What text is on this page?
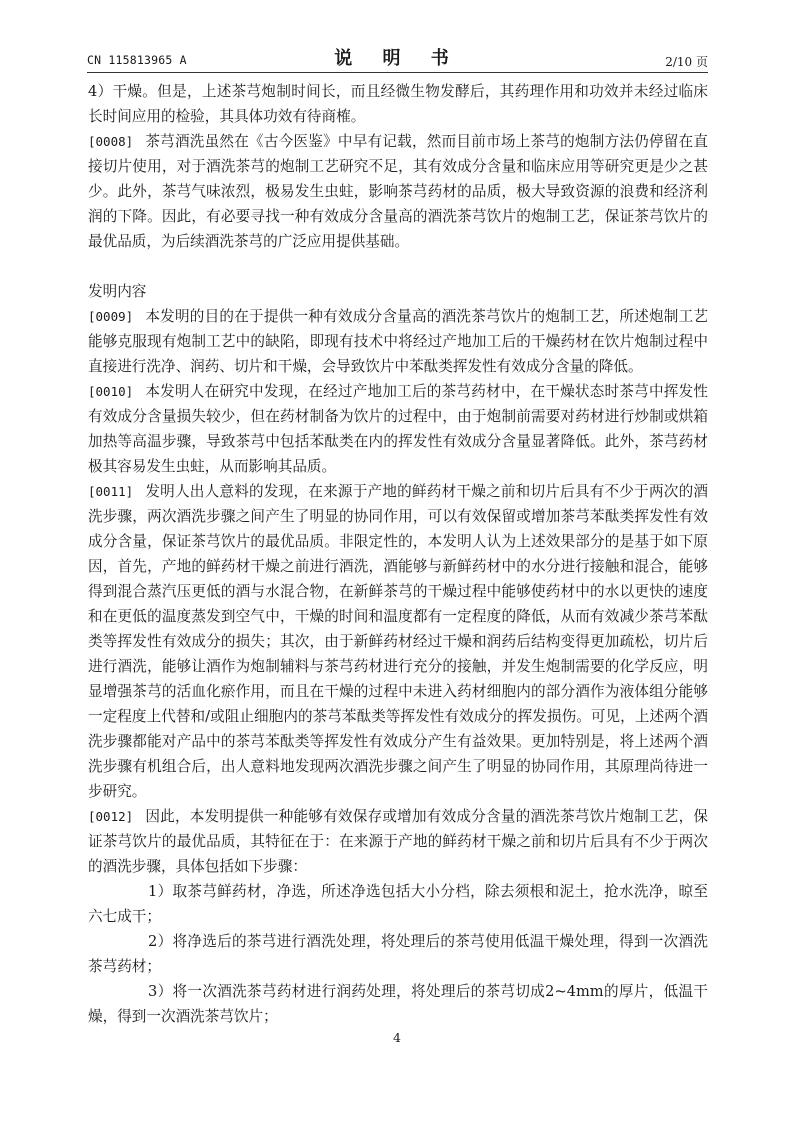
CN 115813965 A	说 明 书	2/10 页

4）干燥。但是，上述茶芎炮制时间长，而且经微生物发酵后，其药理作用和功效并未经过临床长时间应用的检验，其具体功效有待商榷。

[0008] 茶芎酒洗虽然在《古今医鉴》中早有记载，然而目前市场上茶芎的炮制方法仍停留在直接切片使用，对于酒洗茶芎的炮制工艺研究不足，其有效成分含量和临床应用等研究更是少之甚少。此外，茶芎气味浓烈，极易发生虫蛀，影响茶芎药材的品质，极大导致资源的浪费和经济利润的下降。因此，有必要寻找一种有效成分含量高的酒洗茶芎饮片的炮制工艺，保证茶芎饮片的最优品质，为后续酒洗茶芎的广泛应用提供基础。

发明内容

[0009] 本发明的目的在于提供一种有效成分含量高的酒洗茶芎饮片的炮制工艺，所述炮制工艺能够克服现有炮制工艺中的缺陷，即现有技术中将经过产地加工后的干燥药材在饮片炮制过程中直接进行洗净、润药、切片和干燥，会导致饮片中苯酞类挥发性有效成分含量的降低。

[0010] 本发明人在研究中发现，在经过产地加工后的茶芎药材中，在干燥状态时茶芎中挥发性有效成分含量损失较少，但在药材制备为饮片的过程中，由于炮制前需要对药材进行炒制或烘箱加热等高温步骤，导致茶芎中包括苯酞类在内的挥发性有效成分含量显著降低。此外，茶芎药材极其容易发生虫蛀，从而影响其品质。

[0011] 发明人出人意料的发现，在来源于产地的鲜药材干燥之前和切片后具有不少于两次的酒洗步骤，两次酒洗步骤之间产生了明显的协同作用，可以有效保留或增加茶芎苯酞类挥发性有效成分含量，保证茶芎饮片的最优品质。非限定性的，本发明人认为上述效果部分的是基于如下原因，首先，产地的鲜药材干燥之前进行酒洗，酒能够与新鲜药材中的水分进行接触和混合，能够得到混合蒸汽压更低的酒与水混合物，在新鲜茶芎的干燥过程中能够使药材中的水以更快的速度和在更低的温度蒸发到空气中，干燥的时间和温度都有一定程度的降低，从而有效减少茶芎苯酞类等挥发性有效成分的损失；其次，由于新鲜药材经过干燥和润药后结构变得更加疏松，切片后进行酒洗，能够让酒作为炮制辅料与茶芎药材进行充分的接触，并发生炮制需要的化学反应，明显增强茶芎的活血化瘀作用，而且在干燥的过程中未进入药材细胞内的部分酒作为液体组分能够一定程度上代替和/或阻止细胞内的茶芎苯酞类等挥发性有效成分的挥发损伤。可见，上述两个酒洗步骤都能对产品中的茶芎苯酞类等挥发性有效成分产生有益效果。更加特别是，将上述两个酒洗步骤有机组合后，出人意料地发现两次酒洗步骤之间产生了明显的协同作用，其原理尚待进一步研究。

[0012] 因此，本发明提供一种能够有效保存或增加有效成分含量的酒洗茶芎饮片炮制工艺，保证茶芎饮片的最优品质，其特征在于：在来源于产地的鲜药材干燥之前和切片后具有不少于两次的酒洗步骤，具体包括如下步骤：

1）取茶芎鲜药材，净选，所述净选包括大小分档，除去须根和泥土，抢水洗净，晾至六七成干；

2）将净选后的茶芎进行酒洗处理，将处理后的茶芎使用低温干燥处理，得到一次酒洗茶芎药材；

3）将一次酒洗茶芎药材进行润药处理，将处理后的茶芎切成2~4mm的厚片，低温干燥，得到一次酒洗茶芎饮片；

4
